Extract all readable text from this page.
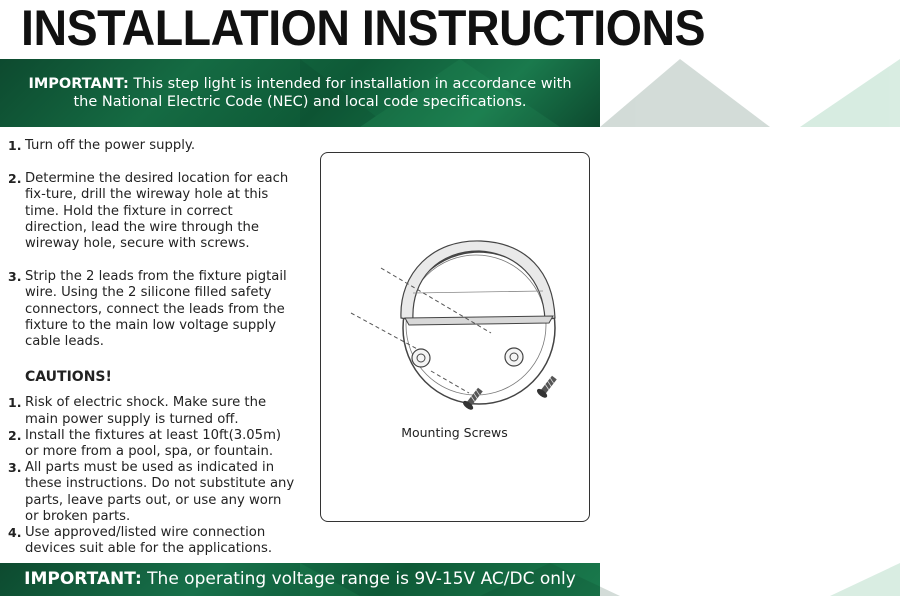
INSTALLATION INSTRUCTIONS
IMPORTANT: This step light is intended for installation in accordance with the National Electric Code (NEC) and local code specifications.
1. Turn off the power supply.
2. Determine the desired location for each fix-ture, drill the wireway hole at this time. Hold the fixture in correct direction, lead the wire through the wireway hole, secure with screws.
3. Strip the 2 leads from the fixture pigtail wire. Using the 2 silicone filled safety connectors, connect the leads from the fixture to the main low voltage supply cable leads.
CAUTIONS!
1. Risk of electric shock. Make sure the main power supply is turned off.
2. Install the fixtures at least 10ft(3.05m) or more from a pool, spa, or fountain.
3. All parts must be used as indicated in these instructions. Do not substitute any parts, leave parts out, or use any worn or broken parts.
4. Use approved/listed wire connection devices suit able for the applications.
Mounting Screws
IMPORTANT: The operating voltage range is 9V-15V AC/DC only
